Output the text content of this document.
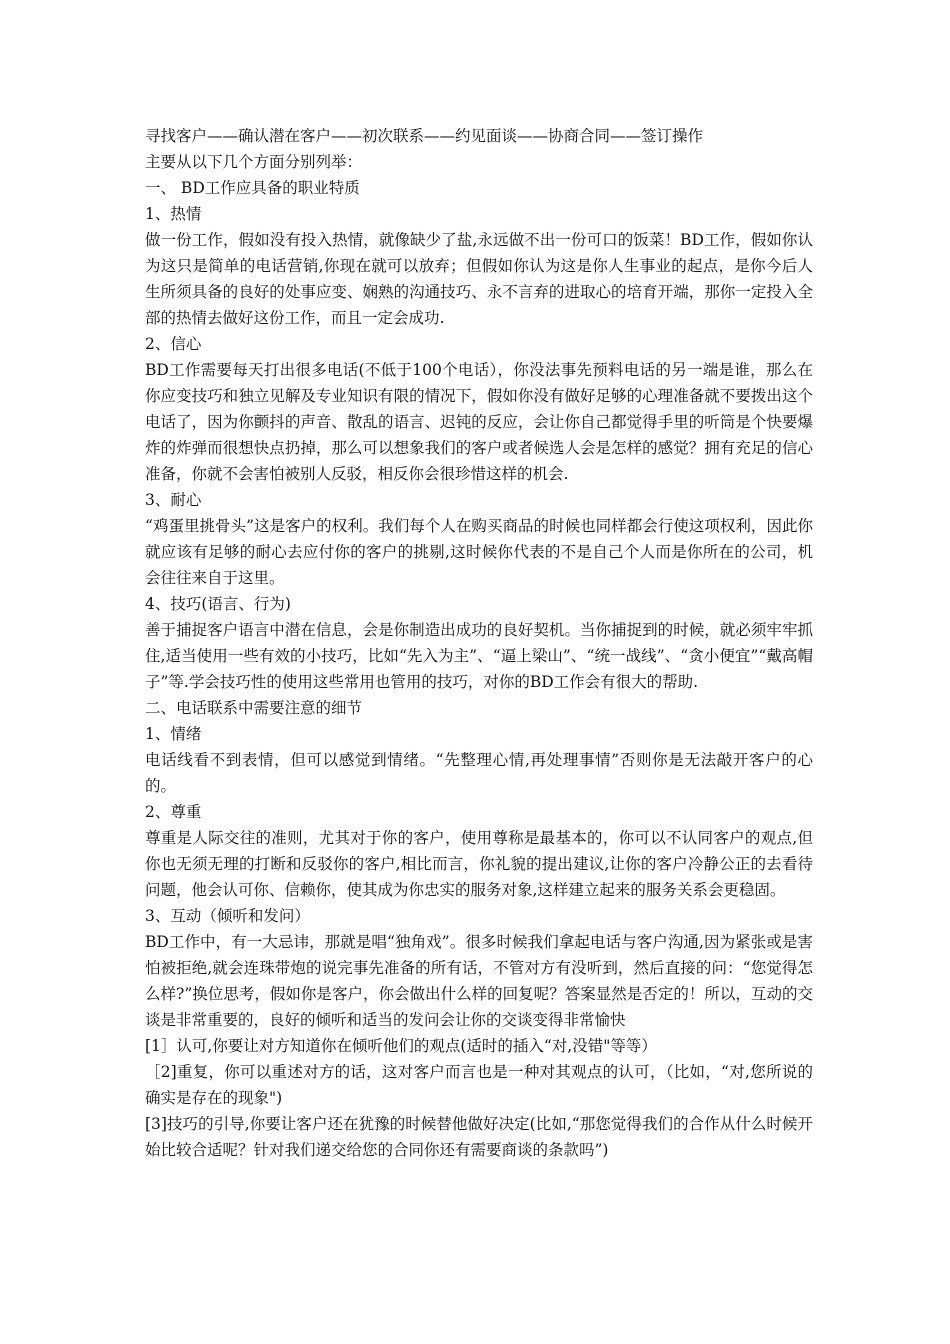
寻找客户——确认潜在客户——初次联系——约见面谈——协商合同——签订操作

主要从以下几个方面分别列举：

一、 BD工作应具备的职业特质

1、热情

做一份工作，假如没有投入热情，就像缺少了盐,永远做不出一份可口的饭菜！BD工作，假如你认为这只是简单的电话营销,你现在就可以放弃；但假如你认为这是你人生事业的起点，是你今后人生所须具备的良好的处事应变、娴熟的沟通技巧、永不言弃的进取心的培育开端，那你一定投入全部的热情去做好这份工作，而且一定会成功.

2、信心

BD工作需要每天打出很多电话(不低于100个电话），你没法事先预料电话的另一端是谁，那么在你应变技巧和独立见解及专业知识有限的情况下，假如你没有做好足够的心理准备就不要拨出这个电话了，因为你颤抖的声音、散乱的语言、迟钝的反应，会让你自己都觉得手里的听筒是个快要爆炸的炸弹而很想快点扔掉，那么可以想象我们的客户或者候选人会是怎样的感觉？拥有充足的信心准备，你就不会害怕被别人反驳，相反你会很珍惜这样的机会.

3、耐心

“鸡蛋里挑骨头”这是客户的权利。我们每个人在购买商品的时候也同样都会行使这项权利，因此你就应该有足够的耐心去应付你的客户的挑剔,这时候你代表的不是自己个人而是你所在的公司，机会往往来自于这里。

4、技巧(语言、行为)

善于捕捉客户语言中潜在信息，会是你制造出成功的良好契机。当你捕捉到的时候，就必须牢牢抓住,适当使用一些有效的小技巧，比如“先入为主”、“逼上梁山”、“统一战线”、“贪小便宜”“戴高帽子”等.学会技巧性的使用这些常用也管用的技巧，对你的BD工作会有很大的帮助.

二、电话联系中需要注意的细节

1、情绪

电话线看不到表情，但可以感觉到情绪。“先整理心情,再处理事情”否则你是无法敲开客户的心的。

2、尊重

尊重是人际交往的准则，尤其对于你的客户，使用尊称是最基本的，你可以不认同客户的观点,但你也无须无理的打断和反驳你的客户,相比而言，你礼貌的提出建议,让你的客户冷静公正的去看待问题，他会认可你、信赖你，使其成为你忠实的服务对象,这样建立起来的服务关系会更稳固。

3、互动（倾听和发问）

BD工作中，有一大忌讳，那就是唱“独角戏”。很多时候我们拿起电话与客户沟通,因为紧张或是害怕被拒绝,就会连珠带炮的说完事先准备的所有话，不管对方有没听到，然后直接的问：“您觉得怎么样?”换位思考，假如你是客户，你会做出什么样的回复呢？答案显然是否定的！所以，互动的交谈是非常重要的，良好的倾听和适当的发问会让你的交谈变得非常愉快

[1］认可,你要让对方知道你在倾听他们的观点(适时的插入“对,没错"等等）

［2]重复，你可以重述对方的话，这对客户而言也是一种对其观点的认可，（比如，“对,您所说的确实是存在的现象")

[3]技巧的引导,你要让客户还在犹豫的时候替他做好决定(比如,“那您觉得我们的合作从什么时候开始比较合适呢？针对我们递交给您的合同你还有需要商谈的条款吗”)
